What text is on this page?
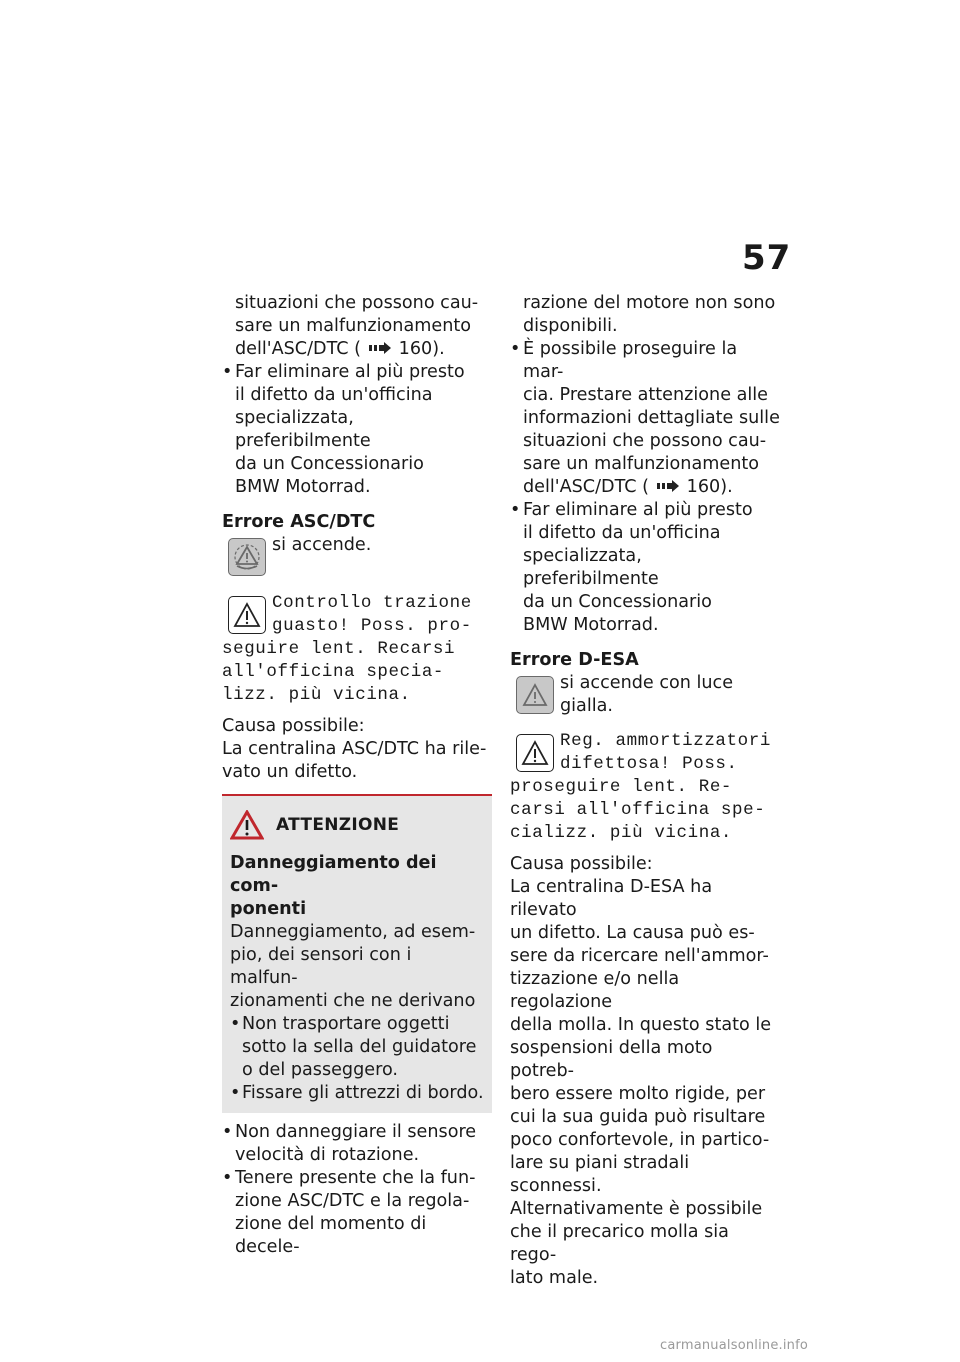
57
situazioni che possono cau-
sare un malfunzionamento
dell'ASC/DTC ( 160).
• Far eliminare al più presto
il difetto da un'officina
specializzata, preferibilmente
da un Concessionario
BMW Motorrad.
Errore ASC/DTC
si accende.
Controllo trazione
guasto! Poss. pro-
seguire lent. Recarsi
all'officina specia-
lizz. più vicina.
Causa possibile:
La centralina ASC/DTC ha rile-
vato un difetto.
ATTENZIONE
Danneggiamento dei com-
ponenti
Danneggiamento, ad esem-
pio, dei sensori con i malfun-
zionamenti che ne derivano
• Non trasportare oggetti
sotto la sella del guidatore
o del passeggero.
• Fissare gli attrezzi di bordo.
• Non danneggiare il sensore
velocità di rotazione.
• Tenere presente che la fun-
zione ASC/DTC e la regola-
zione del momento di decele-
razione del motore non sono
disponibili.
• È possibile proseguire la mar-
cia. Prestare attenzione alle
informazioni dettagliate sulle
situazioni che possono cau-
sare un malfunzionamento
dell'ASC/DTC ( 160).
• Far eliminare al più presto
il difetto da un'officina
specializzata, preferibilmente
da un Concessionario
BMW Motorrad.
Errore D-ESA
si accende con luce gialla.
Reg. ammortizzatori
difettosa! Poss.
proseguire lent. Re-
carsi all'officina spe-
cializz. più vicina.
Causa possibile:
La centralina D-ESA ha rilevato
un difetto. La causa può es-
sere da ricercare nell'ammor-
tizzazione e/o nella regolazione
della molla. In questo stato le
sospensioni della moto potreb-
bero essere molto rigide, per
cui la sua guida può risultare
poco confortevole, in partico-
lare su piani stradali sconnessi.
Alternativamente è possibile
che il precarico molla sia rego-
lato male.
carmanualsonline.info
